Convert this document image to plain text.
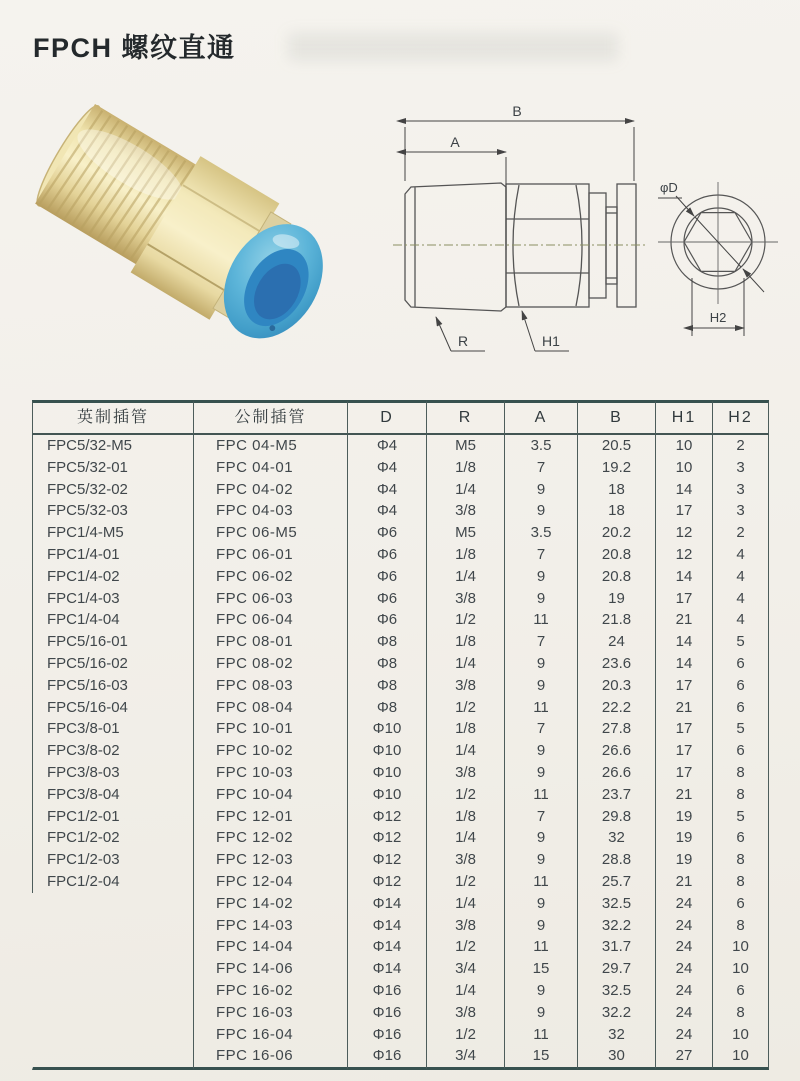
FPCH 螺纹直通
B
A
R	H1
φD
H2
英制插管	公制插管	D	R	A	B	H1	H2
FPC5/32-M5	FPC 04-M5	Φ4	M5	3.5	20.5	10	2
FPC5/32-01	FPC 04-01	Φ4	1/8	7	19.2	10	3
FPC5/32-02	FPC 04-02	Φ4	1/4	9	18	14	3
FPC5/32-03	FPC 04-03	Φ4	3/8	9	18	17	3
FPC1/4-M5	FPC 06-M5	Φ6	M5	3.5	20.2	12	2
FPC1/4-01	FPC 06-01	Φ6	1/8	7	20.8	12	4
FPC1/4-02	FPC 06-02	Φ6	1/4	9	20.8	14	4
FPC1/4-03	FPC 06-03	Φ6	3/8	9	19	17	4
FPC1/4-04	FPC 06-04	Φ6	1/2	11	21.8	21	4
FPC5/16-01	FPC 08-01	Φ8	1/8	7	24	14	5
FPC5/16-02	FPC 08-02	Φ8	1/4	9	23.6	14	6
FPC5/16-03	FPC 08-03	Φ8	3/8	9	20.3	17	6
FPC5/16-04	FPC 08-04	Φ8	1/2	11	22.2	21	6
FPC3/8-01	FPC 10-01	Φ10	1/8	7	27.8	17	5
FPC3/8-02	FPC 10-02	Φ10	1/4	9	26.6	17	6
FPC3/8-03	FPC 10-03	Φ10	3/8	9	26.6	17	8
FPC3/8-04	FPC 10-04	Φ10	1/2	11	23.7	21	8
FPC1/2-01	FPC 12-01	Φ12	1/8	7	29.8	19	5
FPC1/2-02	FPC 12-02	Φ12	1/4	9	32	19	6
FPC1/2-03	FPC 12-03	Φ12	3/8	9	28.8	19	8
FPC1/2-04	FPC 12-04	Φ12	1/2	11	25.7	21	8
	FPC 14-02	Φ14	1/4	9	32.5	24	6
	FPC 14-03	Φ14	3/8	9	32.2	24	8
	FPC 14-04	Φ14	1/2	11	31.7	24	10
	FPC 14-06	Φ14	3/4	15	29.7	24	10
	FPC 16-02	Φ16	1/4	9	32.5	24	6
	FPC 16-03	Φ16	3/8	9	32.2	24	8
	FPC 16-04	Φ16	1/2	11	32	24	10
	FPC 16-06	Φ16	3/4	15	30	27	10
